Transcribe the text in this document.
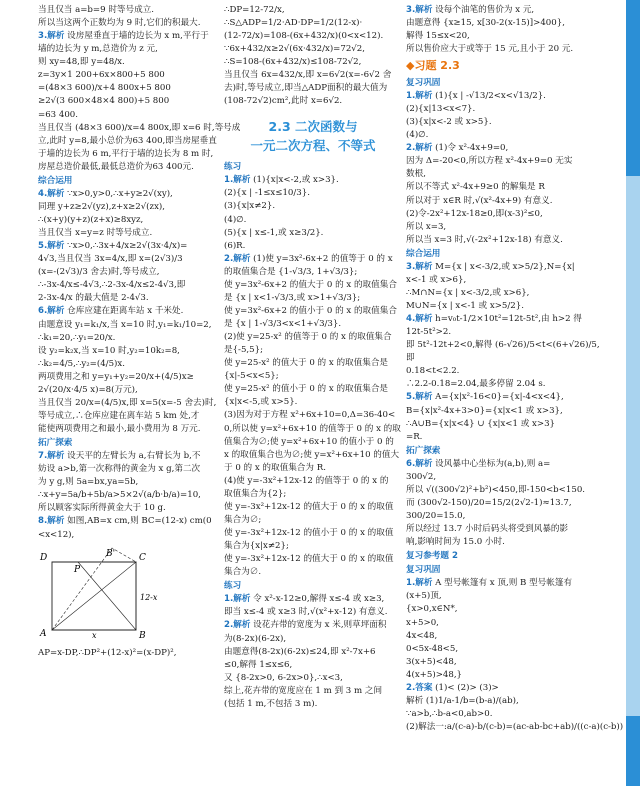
当且仅当 a=b=9 时等号成立.
所以当这两个正数均为 9 时,它们的积最大.
3.解析 设房屋垂直于墙的边长为 x m,平行于
墙的边长为 y m,总造价为 z 元,
则 xy=48,即 y=48/x.
z=3y×1 200+6x×800+5 800
=(48×3 600)/x+4 800x+5 800
≥2√(3 600×48×4 800)+5 800
=63 400.
当且仅当 (48×3 600)/x=4 800x,即 x=6 时,等号成
立,此时 y=8,最小总价为63 400,即当房屋垂直
于墙的边长为 6 m,平行于墙的边长为 8 m 时,
房屋总造价最低,最低总造价为63 400元.
综合运用
4.解析 ∵x>0,y>0,∴x+y≥2√(xy),
同理 y+z≥2√(yz),z+x≥2√(zx),
∴(x+y)(y+z)(z+x)≥8xyz,
当且仅当 x=y=z 时等号成立.
5.解析 ∵x>0,∴3x+4/x≥2√(3x·4/x)=
4√3,当且仅当 3x=4/x,即 x=(2√3)/3
(x=-(2√3)/3 舍去)时,等号成立,
∴-3x-4/x≤-4√3,∴2-3x-4/x≤2-4√3,即
2-3x-4/x 的最大值是 2-4√3.
6.解析 仓库应建在距离车站 x 千米处.
由题意设 y₁=k₁/x,当 x=10 时,y₁=k₁/10=2,
∴k₁=20,∴y₁=20/x.
设 y₂=k₂x,当 x=10 时,y₂=10k₂=8,
∴k₂=4/5,∴y₂=(4/5)x.
两项费用之和 y=y₁+y₂=20/x+(4/5)x≥
2√(20/x·4/5 x)=8(万元),
当且仅当 20/x=(4/5)x,即 x=5(x=-5 舍去)时,
等号成立,∴仓库应建在离车站 5 km 处,才
能使两项费用之和最小,最小费用为 8 万元.
拓广探索
7.解析 设天平的左臂长为 a,右臂长为 b,不
妨设 a>b,第一次称得的黄金为 x g,第二次
为 y g,则 5a=bx,ya=5b,
∴x+y=5a/b+5b/a>5×2√(a/b·b/a)=10,
所以顾客实际所得黄金大于 10 g.
8.解析 如图,AB=x cm,则 BC=(12-x) cm(0
<x<12),
A
D	C
B
B'
P
x
12-x
AP=x-DP,∴DP²+(12-x)²=(x-DP)²,
∴DP=12-72/x,
∴S△ADP=1/2·AD·DP=1/2(12-x)·
(12-72/x)=108-(6x+432/x)(0<x<12).
∵6x+432/x≥2√(6x·432/x)=72√2,
∴S=108-(6x+432/x)≤108-72√2,
当且仅当 6x=432/x,即 x=6√2(x=-6√2 舍
去)时,等号成立,即当△ADP面积的最大值为
(108-72√2)cm²,此时 x=6√2.
2.3 二次函数与
一元二次方程、不等式
练习
1.解析 (1){x|x<-2,或 x>3}.
(2){x | -1≤x≤10/3}.
(3){x|x≠2}.
(4)∅.
(5){x | x≤-1,或 x≥3/2}.
(6)R.
2.解析 (1)使 y=3x²-6x+2 的值等于 0 的 x
的取值集合是 {1-√3/3, 1+√3/3};
使 y=3x²-6x+2 的值大于 0 的 x 的取值集合
是 {x | x<1-√3/3,或 x>1+√3/3};
使 y=3x²-6x+2 的值小于 0 的 x 的取值集合
是 {x | 1-√3/3<x<1+√3/3}.
(2)使 y=25-x² 的值等于 0 的 x 的取值集合
是{-5,5};
使 y=25-x² 的值大于 0 的 x 的取值集合是
{x|-5<x<5};
使 y=25-x² 的值小于 0 的 x 的取值集合是
{x|x<-5,或 x>5}.
(3)因为对于方程 x²+6x+10=0,Δ=36-40<
0,所以使 y=x²+6x+10 的值等于 0 的 x 的取
值集合为∅;使 y=x²+6x+10 的值小于 0 的
x 的取值集合也为∅;使 y=x²+6x+10 的值大
于 0 的 x 的取值集合为 R.
(4)使 y=-3x²+12x-12 的值等于 0 的 x 的
取值集合为{2};
使 y=-3x²+12x-12 的值大于 0 的 x 的取值
集合为∅;
使 y=-3x²+12x-12 的值小于 0 的 x 的取值
集合为{x|x≠2};
使 y=-3x²+12x-12 的值大于 0 的 x 的取值
集合为∅.
练习
1.解析 令 x²-x-12≥0,解得 x≤-4 或 x≥3,
即当 x≤-4 或 x≥3 时,√(x²+x-12) 有意义.
2.解析 设花卉带的宽度为 x 米,则草坪面积
为(8-2x)(6-2x),
由题意得(8-2x)(6-2x)≤24,即 x²-7x+6
≤0,解得 1≤x≤6,
又 {8-2x>0, 6-2x>0},∴x<3,
综上,花卉带的宽度应在 1 m 到 3 m 之间
(包括 1 m,不包括 3 m).
3.解析 设每个油笔的售价为 x 元,
由题意得 {x≥15, x[30-2(x-15)]>400},
解得 15≤x<20,
所以售价应大于或等于 15 元,且小于 20 元.
◆习题 2.3
复习巩固
1.解析 (1){x | -√13/2<x<√13/2}.
(2){x|13<x<7}.
(3){x|x<-2 或 x>5}.
(4)∅.
2.解析 (1)令 x²-4x+9=0,
因为 Δ=-20<0,所以方程 x²-4x+9=0 无实
数根,
所以不等式 x²-4x+9≥0 的解集是 R
所以对于 x∈R 时,√(x²-4x+9) 有意义.
(2)令-2x²+12x-18≥0,即(x-3)²≤0,
所以 x=3,
所以当 x=3 时,√(-2x²+12x-18) 有意义.
综合运用
3.解析 M={x | x<-3/2,或 x>5/2},N={x|
x<-1 或 x>6},
∴M∩N={x | x<-3/2,或 x>6},
M∪N={x | x<-1 或 x>5/2}.
4.解析 h=v₀t-1/2×10t²=12t-5t²,由 h>2 得
12t-5t²>2.
即 5t²-12t+2<0,解得 (6-√26)/5<t<(6+√26)/5,
即
0.18<t<2.2.
∴2.2-0.18=2.04,最多停留 2.04 s.
5.解析 A={x|x²-16<0}={x|-4<x<4},
B={x|x²-4x+3>0}={x|x<1 或 x>3},
∴A∪B={x|x<4} ∪ {x|x<1 或 x>3}
=R.
拓广探索
6.解析 设风暴中心坐标为(a,b),则 a=
300√2,
所以 √((300√2)²+b²)<450,即-150<b<150.
而 (300√2-150)/20=15/2(2√2-1)≈13.7,
300/20=15.0,
所以经过 13.7 小时后码头将受到风暴的影
响,影响时间为 15.0 小时.
复习参考题 2
复习巩固
1.解析 A 型号帐篷有 x 顶,则 B 型号帐篷有
(x+5)顶,
{x>0,x∈N*,
x+5>0,
4x<48,
0<5x-48<5,
3(x+5)<48,
4(x+5)>48,}
2.答案 (1)< (2)> (3)>
解析 (1)1/a-1/b=(b-a)/(ab),
∵a>b,∴b-a<0,ab>0.
(2)解法一:a/(c-a)-b/(c-b)=(ac-ab-bc+ab)/((c-a)(c-b))
